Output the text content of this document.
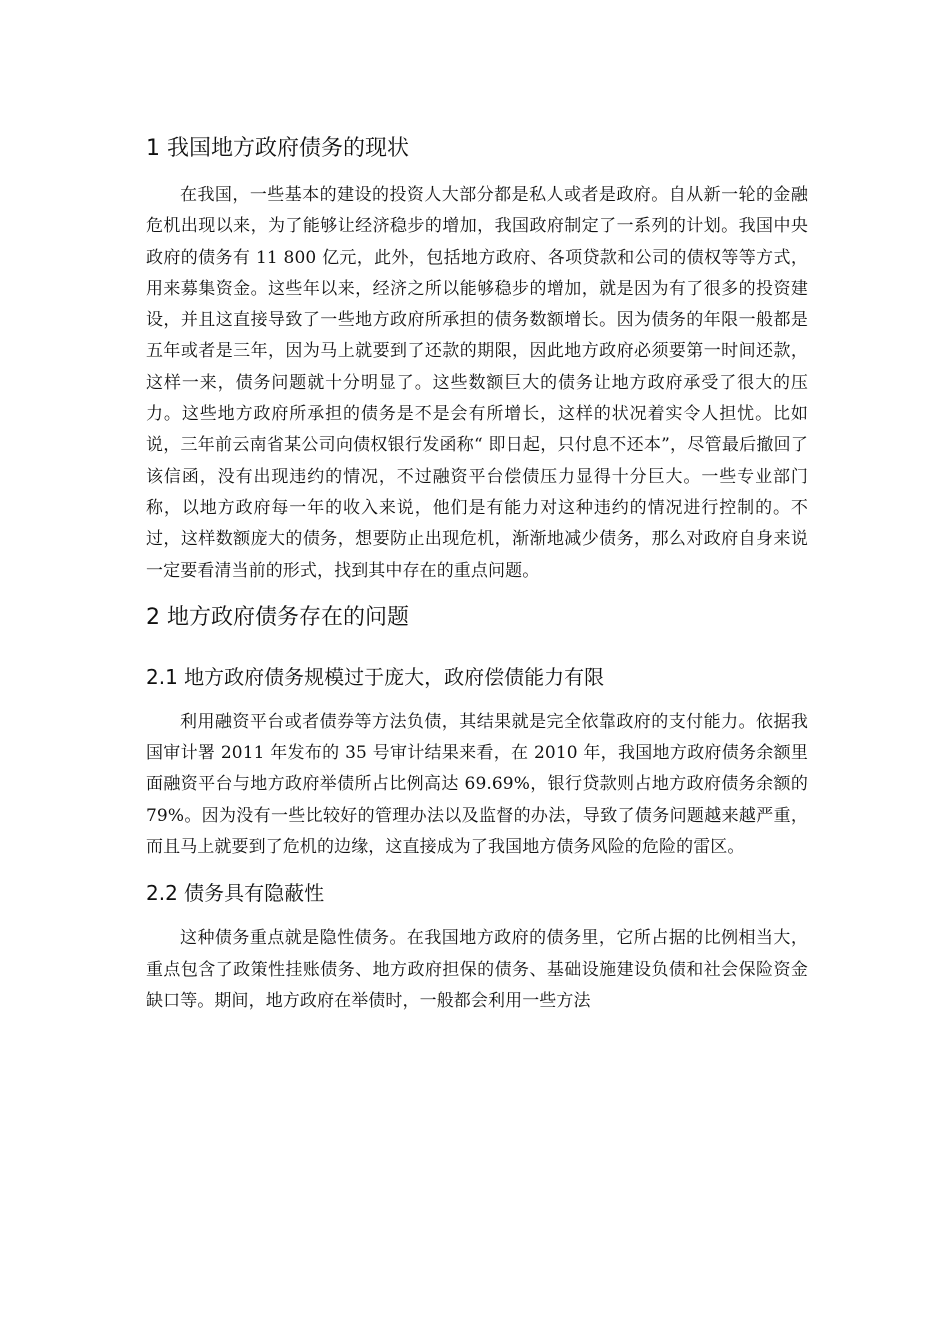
1 我国地方政府债务的现状

在我国，一些基本的建设的投资人大部分都是私人或者是政府。自从新一轮的金融危机出现以来，为了能够让经济稳步的增加，我国政府制定了一系列的计划。我国中央政府的债务有 11 800 亿元，此外，包括地方政府、各项贷款和公司的债权等等方式，用来募集资金。这些年以来，经济之所以能够稳步的增加，就是因为有了很多的投资建设，并且这直接导致了一些地方政府所承担的债务数额增长。因为债务的年限一般都是五年或者是三年，因为马上就要到了还款的期限，因此地方政府必须要第一时间还款，这样一来，债务问题就十分明显了。这些数额巨大的债务让地方政府承受了很大的压力。这些地方政府所承担的债务是不是会有所增长，这样的状况着实令人担忧。比如说，三年前云南省某公司向债权银行发函称“ 即日起，只付息不还本”，尽管最后撤回了该信函，没有出现违约的情况，不过融资平台偿债压力显得十分巨大。一些专业部门称，以地方政府每一年的收入来说，他们是有能力对这种违约的情况进行控制的。不过，这样数额庞大的债务，想要防止出现危机，渐渐地减少债务，那么对政府自身来说一定要看清当前的形式，找到其中存在的重点问题。

2 地方政府债务存在的问题
2.1 地方政府债务规模过于庞大，政府偿债能力有限

利用融资平台或者债券等方法负债，其结果就是完全依靠政府的支付能力。依据我国审计署 2011 年发布的 35 号审计结果来看，在 2010 年，我国地方政府债务余额里面融资平台与地方政府举债所占比例高达 69.69%，银行贷款则占地方政府债务余额的 79%。因为没有一些比较好的管理办法以及监督的办法，导致了债务问题越来越严重，而且马上就要到了危机的边缘，这直接成为了我国地方债务风险的危险的雷区。

2.2 债务具有隐蔽性

这种债务重点就是隐性债务。在我国地方政府的债务里，它所占据的比例相当大，重点包含了政策性挂账债务、地方政府担保的债务、基础设施建设负债和社会保险资金缺口等。期间，地方政府在举债时，一般都会利用一些方法
